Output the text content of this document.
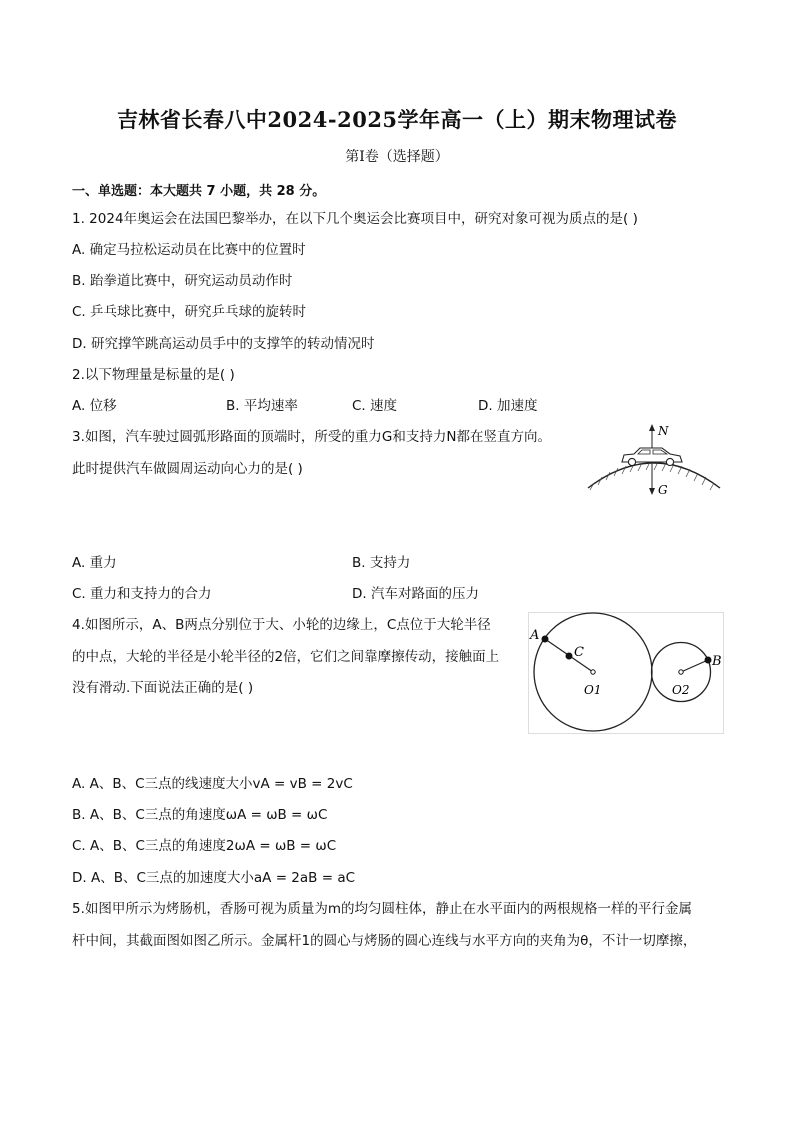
吉林省长春八中2024-2025学年高一（上）期末物理试卷
第I卷（选择题）
一、单选题：本大题共 7 小题，共 28 分。
1. 2024年奥运会在法国巴黎举办，在以下几个奥运会比赛项目中，研究对象可视为质点的是( )
A. 确定马拉松运动员在比赛中的位置时
B. 跆拳道比赛中，研究运动员动作时
C. 乒乓球比赛中，研究乒乓球的旋转时
D. 研究撑竿跳高运动员手中的支撑竿的转动情况时
2.以下物理量是标量的是( )
A. 位移	B. 平均速率	C. 速度	D. 加速度
3.如图，汽车驶过圆弧形路面的顶端时，所受的重力G和支持力N都在竖直方向。
此时提供汽车做圆周运动向心力的是( )
N
G
A. 重力	B. 支持力
C. 重力和支持力的合力	D. 汽车对路面的压力
4.如图所示，A、B两点分别位于大、小轮的边缘上，C点位于大轮半径
的中点，大轮的半径是小轮半径的2倍，它们之间靠摩擦传动，接触面上
没有滑动.下面说法正确的是( )
A
C
B
O1	O2
A. A、B、C三点的线速度大小vA = vB = 2vC
B. A、B、C三点的角速度ωA = ωB = ωC
C. A、B、C三点的角速度2ωA = ωB = ωC
D. A、B、C三点的加速度大小aA = 2aB = aC
5.如图甲所示为烤肠机，香肠可视为质量为m的均匀圆柱体，静止在水平面内的两根规格一样的平行金属
杆中间，其截面图如图乙所示。金属杆1的圆心与烤肠的圆心连线与水平方向的夹角为θ，不计一切摩擦，
